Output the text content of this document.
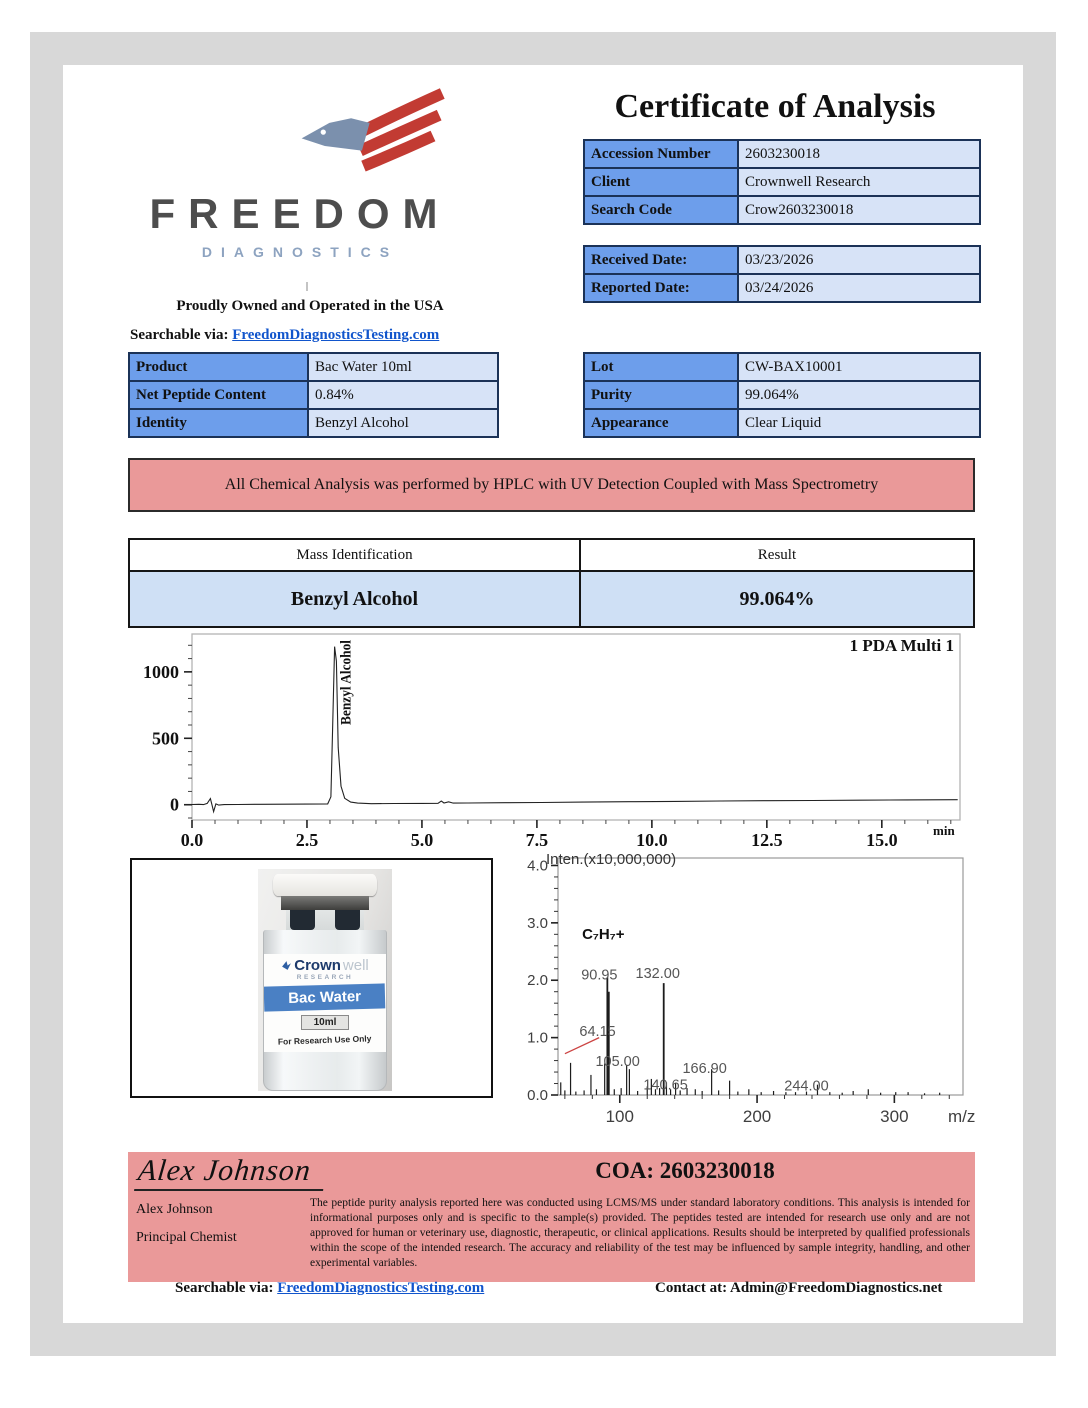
FREEDOM
DIAGNOSTICS
Proudly Owned and Operated in the USA
Searchable via: FreedomDiagnosticsTesting.com
Certificate of Analysis
Accession Number	2603230018
Client	Crownwell Research
Search Code	Crow2603230018
Received Date:	03/23/2026
Reported Date:	03/24/2026
Product	Bac Water 10ml
Net Peptide Content	0.84%
Identity	Benzyl Alcohol
Lot	CW-BAX10001
Purity	99.064%
Appearance	Clear Liquid
All Chemical Analysis was performed by HPLC with UV Detection Coupled with Mass Spectrometry
Mass Identification	Result
Benzyl Alcohol	99.064%
0.0	2.5	5.0	7.5	10.0	12.5	15.0	min
0
500
1000
1 PDA Multi 1
Benzyl Alcohol
Crown well
RESEARCH
Bac Water
10ml
For Research Use Only
Inten.(x10,000,000)
0.0
1.0
2.0
3.0
4.0
100	200	300 m/z
64.15
90.95
105.00
132.00
140.65
166.90
244.00
C₇H₇+
Alex Johnson
Alex Johnson
Principal Chemist
COA: 2603230018
The peptide purity analysis reported here was conducted using LCMS/MS under standard laboratory conditions. This analysis is intended for informational purposes only and is specific to the sample(s) provided. The peptides tested are intended for research use only and are not approved for human or veterinary use, diagnostic, therapeutic, or clinical applications. Results should be interpreted by qualified professionals within the scope of the intended research. The accuracy and reliability of the test may be influenced by sample integrity, handling, and other experimental variables.
Searchable via: FreedomDiagnosticsTesting.com	Contact at: Admin@FreedomDiagnostics.net
